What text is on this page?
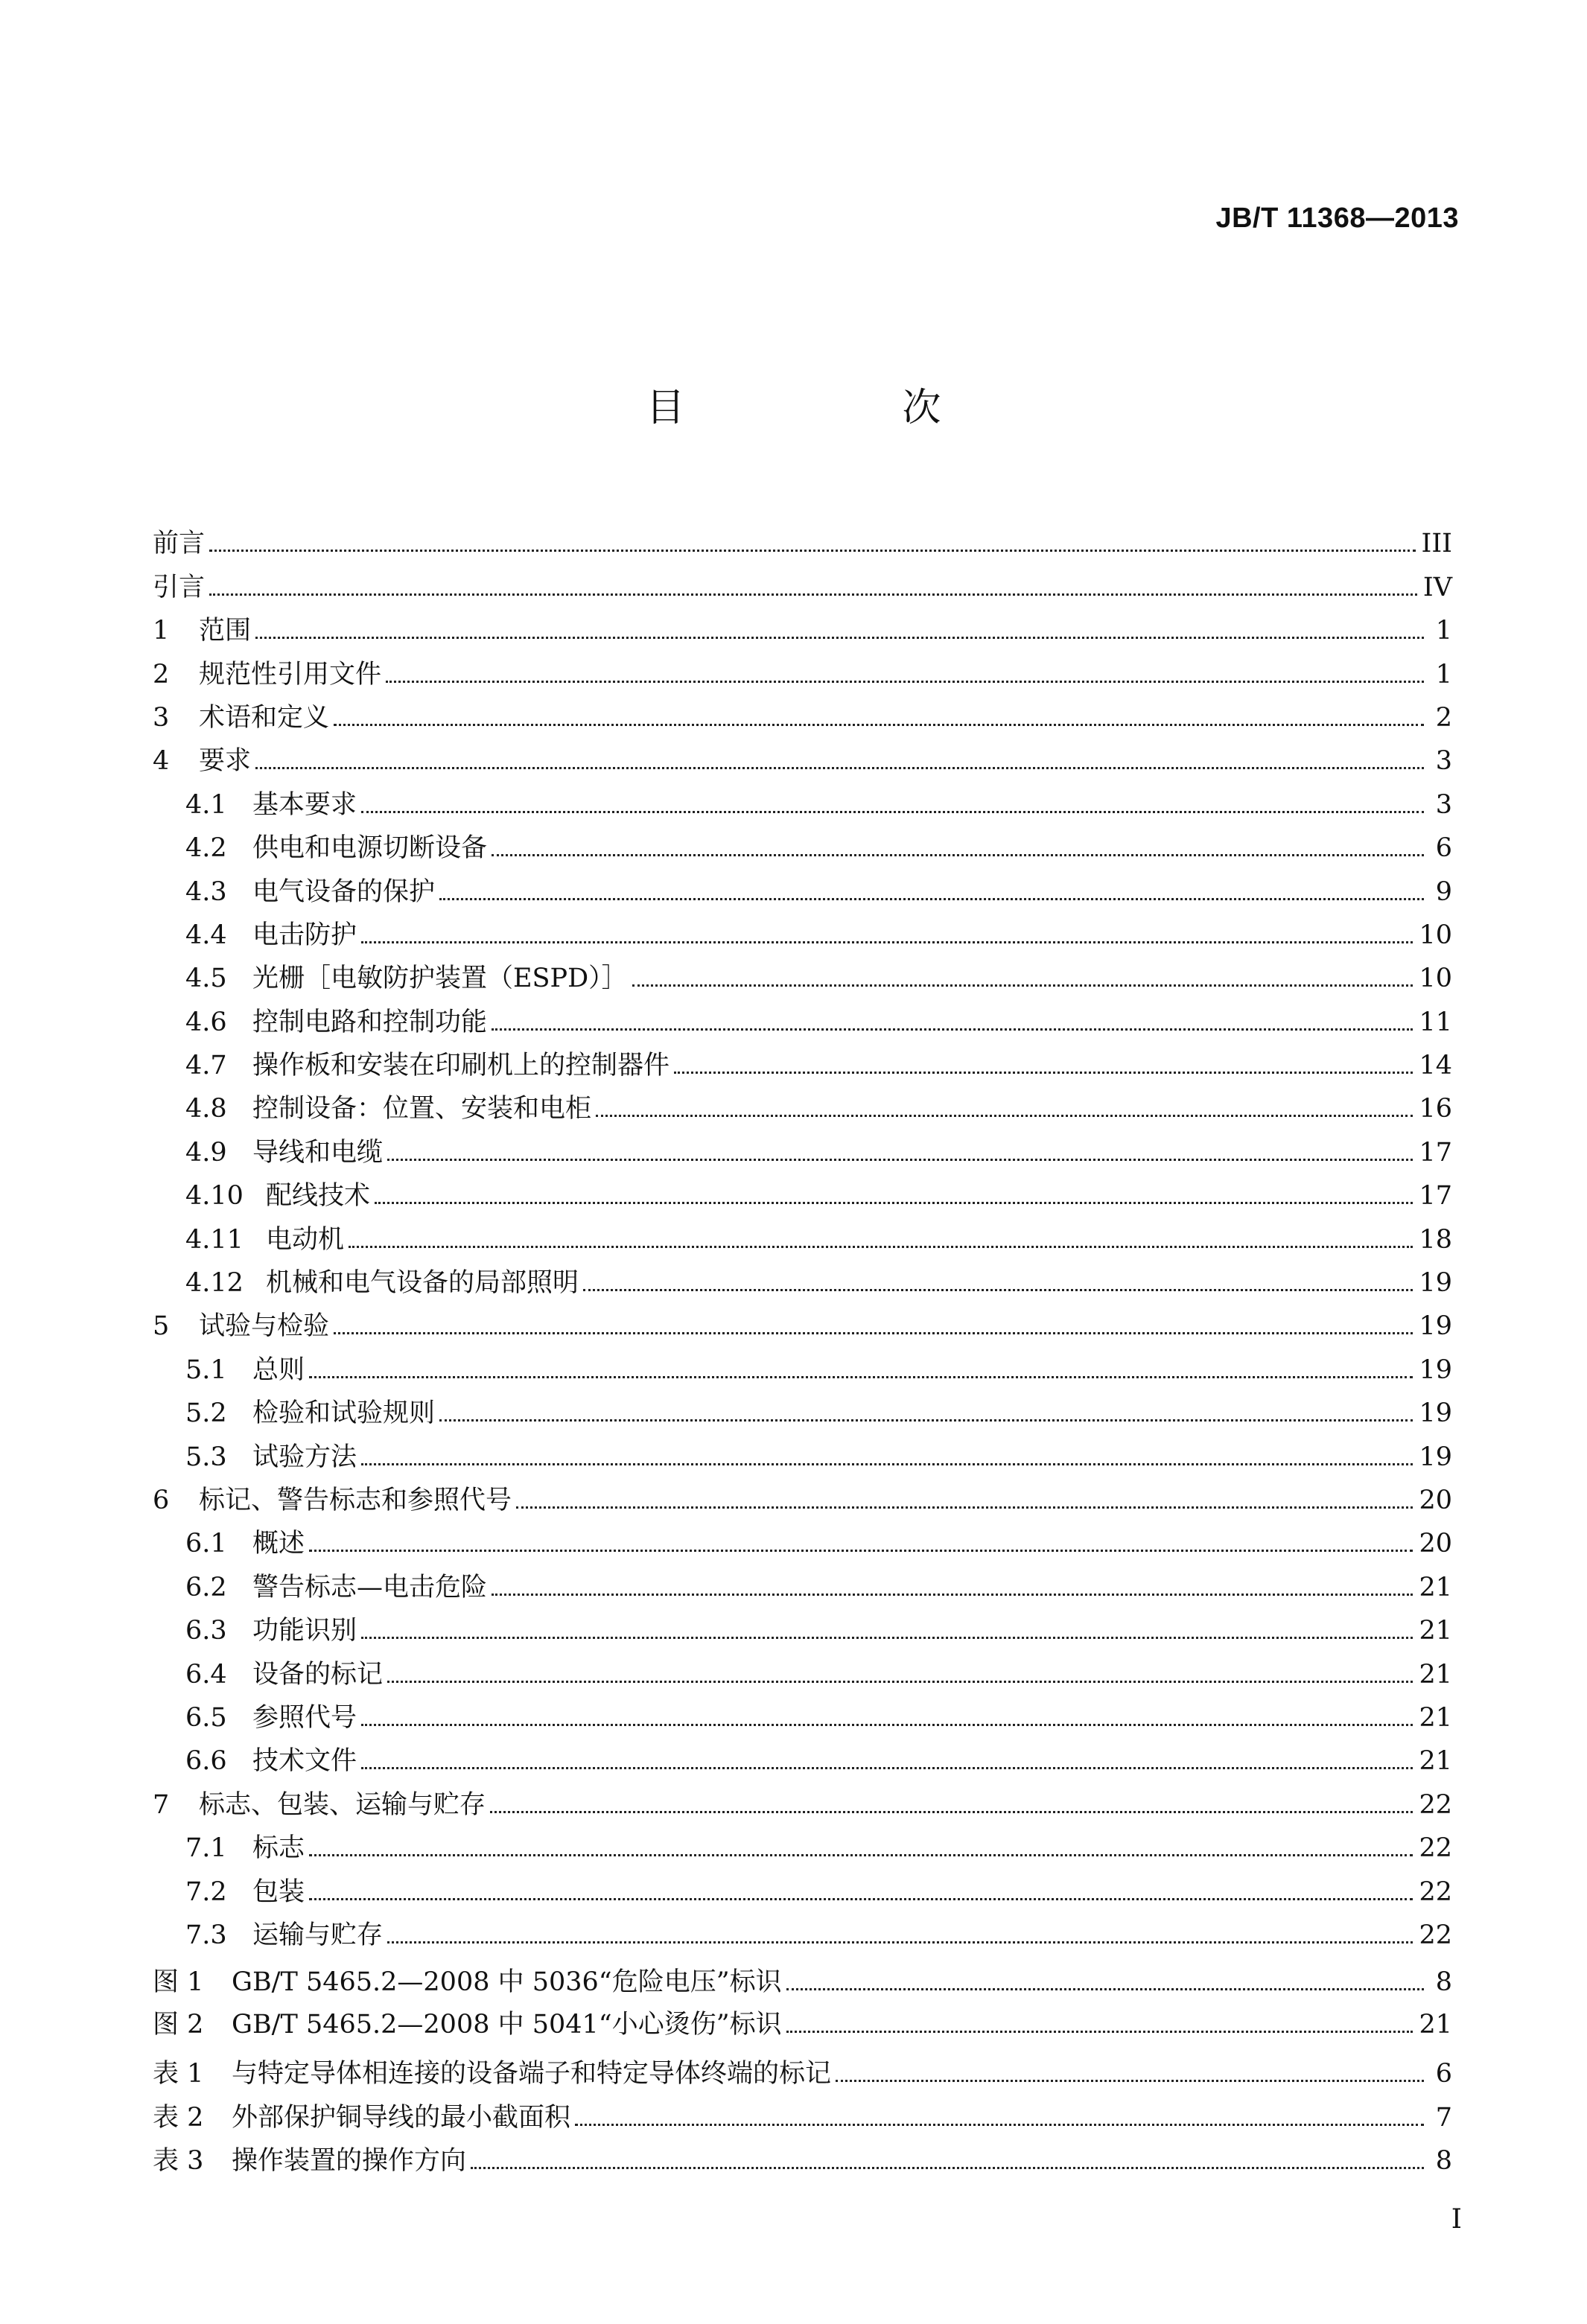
JB/T 11368—2013
目　次
前言	III
引言	IV
1	范围	1
2	规范性引用文件	1
3	术语和定义	2
4	要求	3
4.1 基本要求	3
4.2 供电和电源切断设备	6
4.3 电气设备的保护	9
4.4 电击防护	10
4.5 光栅［电敏防护装置（ESPD）］	10
4.6 控制电路和控制功能	11
4.7 操作板和安装在印刷机上的控制器件	14
4.8 控制设备：位置、安装和电柜	16
4.9 导线和电缆	17
4.10 配线技术	17
4.11 电动机	18
4.12 机械和电气设备的局部照明	19
5	试验与检验	19
5.1 总则	19
5.2 检验和试验规则	19
5.3 试验方法	19
6	标记、警告标志和参照代号	20
6.1 概述	20
6.2 警告标志—电击危险	21
6.3 功能识别	21
6.4 设备的标记	21
6.5 参照代号	21
6.6 技术文件	21
7	标志、包装、运输与贮存	22
7.1 标志	22
7.2 包装	22
7.3 运输与贮存	22
图 1	GB/T 5465.2—2008 中 5036“危险电压”标识	8
图 2	GB/T 5465.2—2008 中 5041“小心烫伤”标识	21
表 1	与特定导体相连接的设备端子和特定导体终端的标记	6
表 2	外部保护铜导线的最小截面积	7
表 3	操作装置的操作方向	8
I
